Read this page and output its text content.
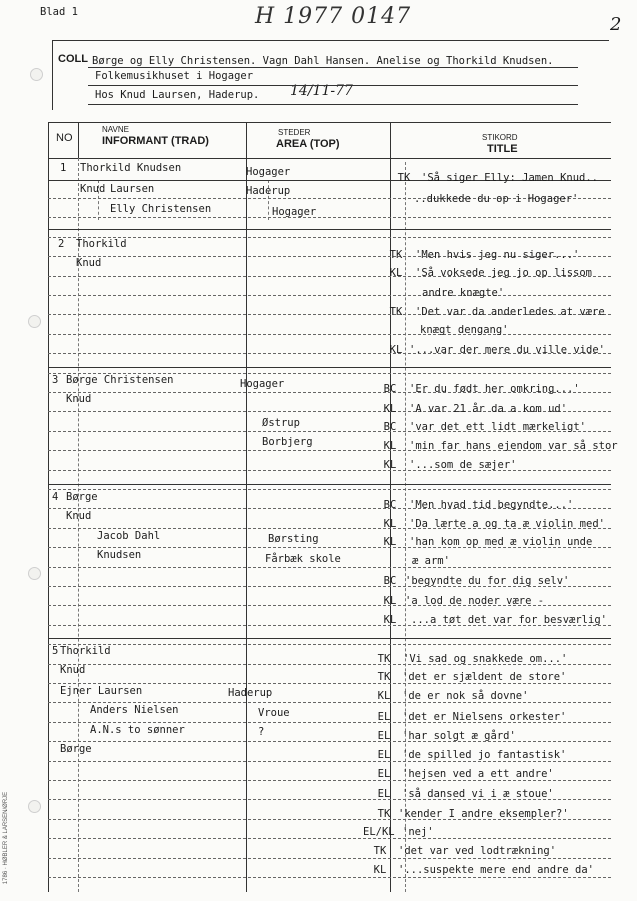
Blad 1	H 1977 0147	2
COLL Børge og Elly Christensen. Vagn Dahl Hansen. Anelise og Thorkild Knudsen.
Folkemusikhuset i Hogager
Hos Knud Laursen, Haderup. 14/11-77
NO
NAVNE
INFORMANT (TRAD)
STEDER
AREA (TOP)
STIKORD
TITLE
1
2
3
4
5
Thorkild Knudsen
Knud Laursen
Elly Christensen
Thorkild
Knud
Børge Christensen
Knud
Børge
Knud
Jacob Dahl
Knudsen
Thorkild
Knud
Ejner Laursen
Anders Nielsen
A.N.s to sønner
Børge
Hogager
Haderup
Hogager
Hogager
Østrup
Borbjerg
Børsting
Fårbæk skole
Haderup
Vroue
?
TK
TK
KL
TK
KL
BC
KL
BC
KL
KL
BC
KL
KL
BC
KL
KL
TK
TK
KL
EL
EL
EL
EL
EL
TK
EL/KL
TK
KL
'Så siger Elly: Jamen Knud..
..dukkede du op i Hogager'
'Men hvis jeg nu siger...'
'Så voksede jeg jo op lissom
andre knægte'
'Det var da anderledes at være
knægt dengang'
'...var der mere du ville vide'
'Er du født her omkring...'
'A var 21 år da a kom ud'
'var det ett lidt mærkeligt'
'min far hans ejendom var så stor
'...som de sæjer'
'Men hvad tid begyndte...'
'Da lærte a og ta æ violin med'
'han kom op med æ violin unde
æ arm'
'begyndte du for dig selv'
'a lod de noder være -
...a tøt det var for besværlig'
'Vi sad og snakkede om...'
'det er sjældent de store'
'de er nok så dovne'
'det er Nielsens orkester'
'har solgt æ gård'
'de spilled jo fantastisk'
'hejsen ved a ett andre'
'så dansed vi i æ stoue'
'kender I andre eksempler?'
'nej'
'det var ved lodtrækning'
'...suspekte mere end andre da'
1786 · HØBLER & LARSEN/ØRJE
